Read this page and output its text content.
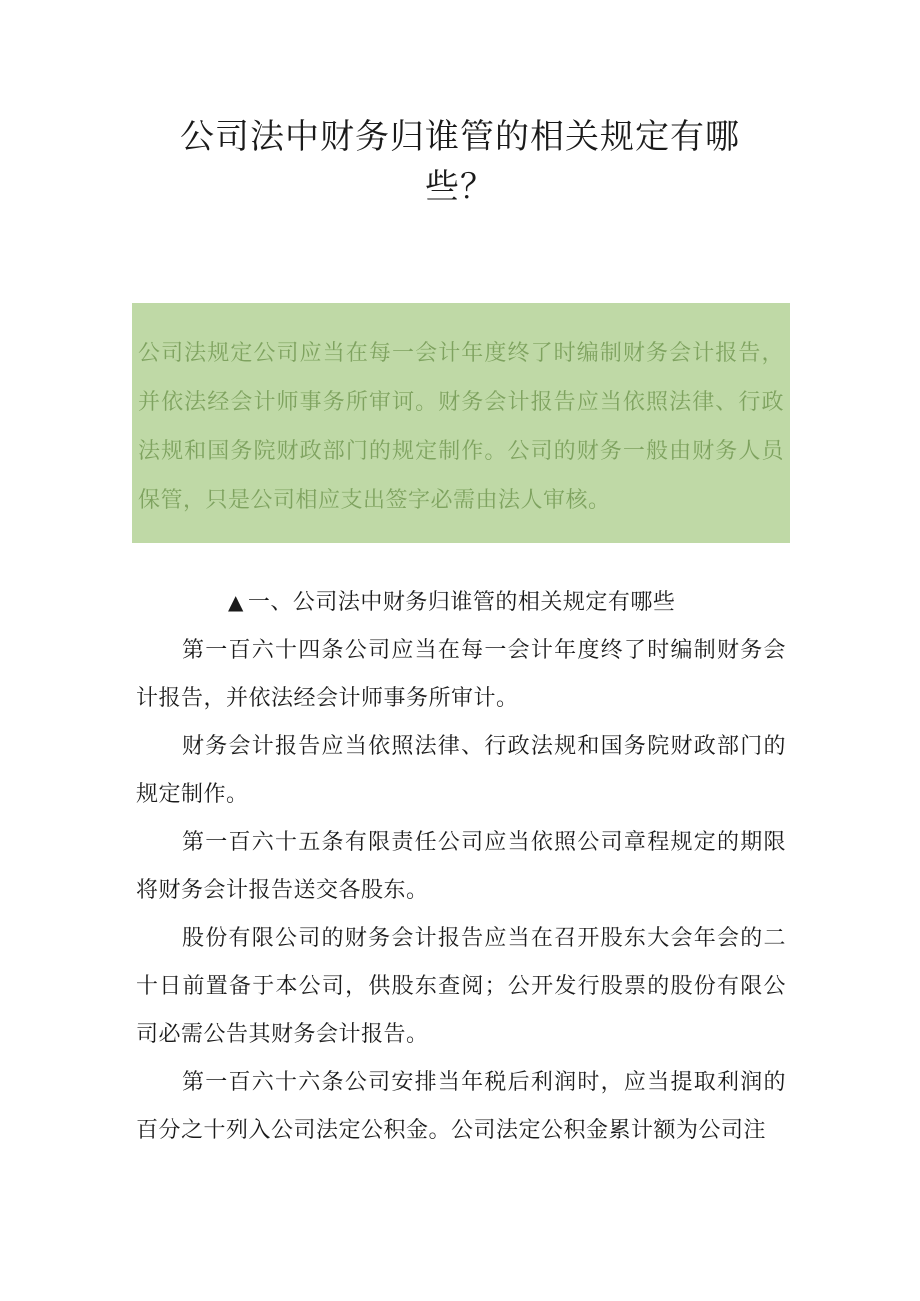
公司法中财务归谁管的相关规定有哪些？

公司法规定公司应当在每一会计年度终了时编制财务会计报告，并依法经会计师事务所审诃。财务会计报告应当依照法律、行政法规和国务院财政部门的规定制作。公司的财务一般由财务人员保管，只是公司相应支出签字必需由法人审核。

▲ 一、公司法中财务归谁管的相关规定有哪些

第一百六十四条公司应当在每一会计年度终了时编制财务会计报告，并依法经会计师事务所审计。

财务会计报告应当依照法律、行政法规和国务院财政部门的规定制作。

第一百六十五条有限责任公司应当依照公司章程规定的期限将财务会计报告送交各股东。

股份有限公司的财务会计报告应当在召开股东大会年会的二十日前置备于本公司，供股东查阅；公开发行股票的股份有限公司必需公告其财务会计报告。

第一百六十六条公司安排当年税后利润时，应当提取利润的百分之十列入公司法定公积金。公司法定公积金累计额为公司注
